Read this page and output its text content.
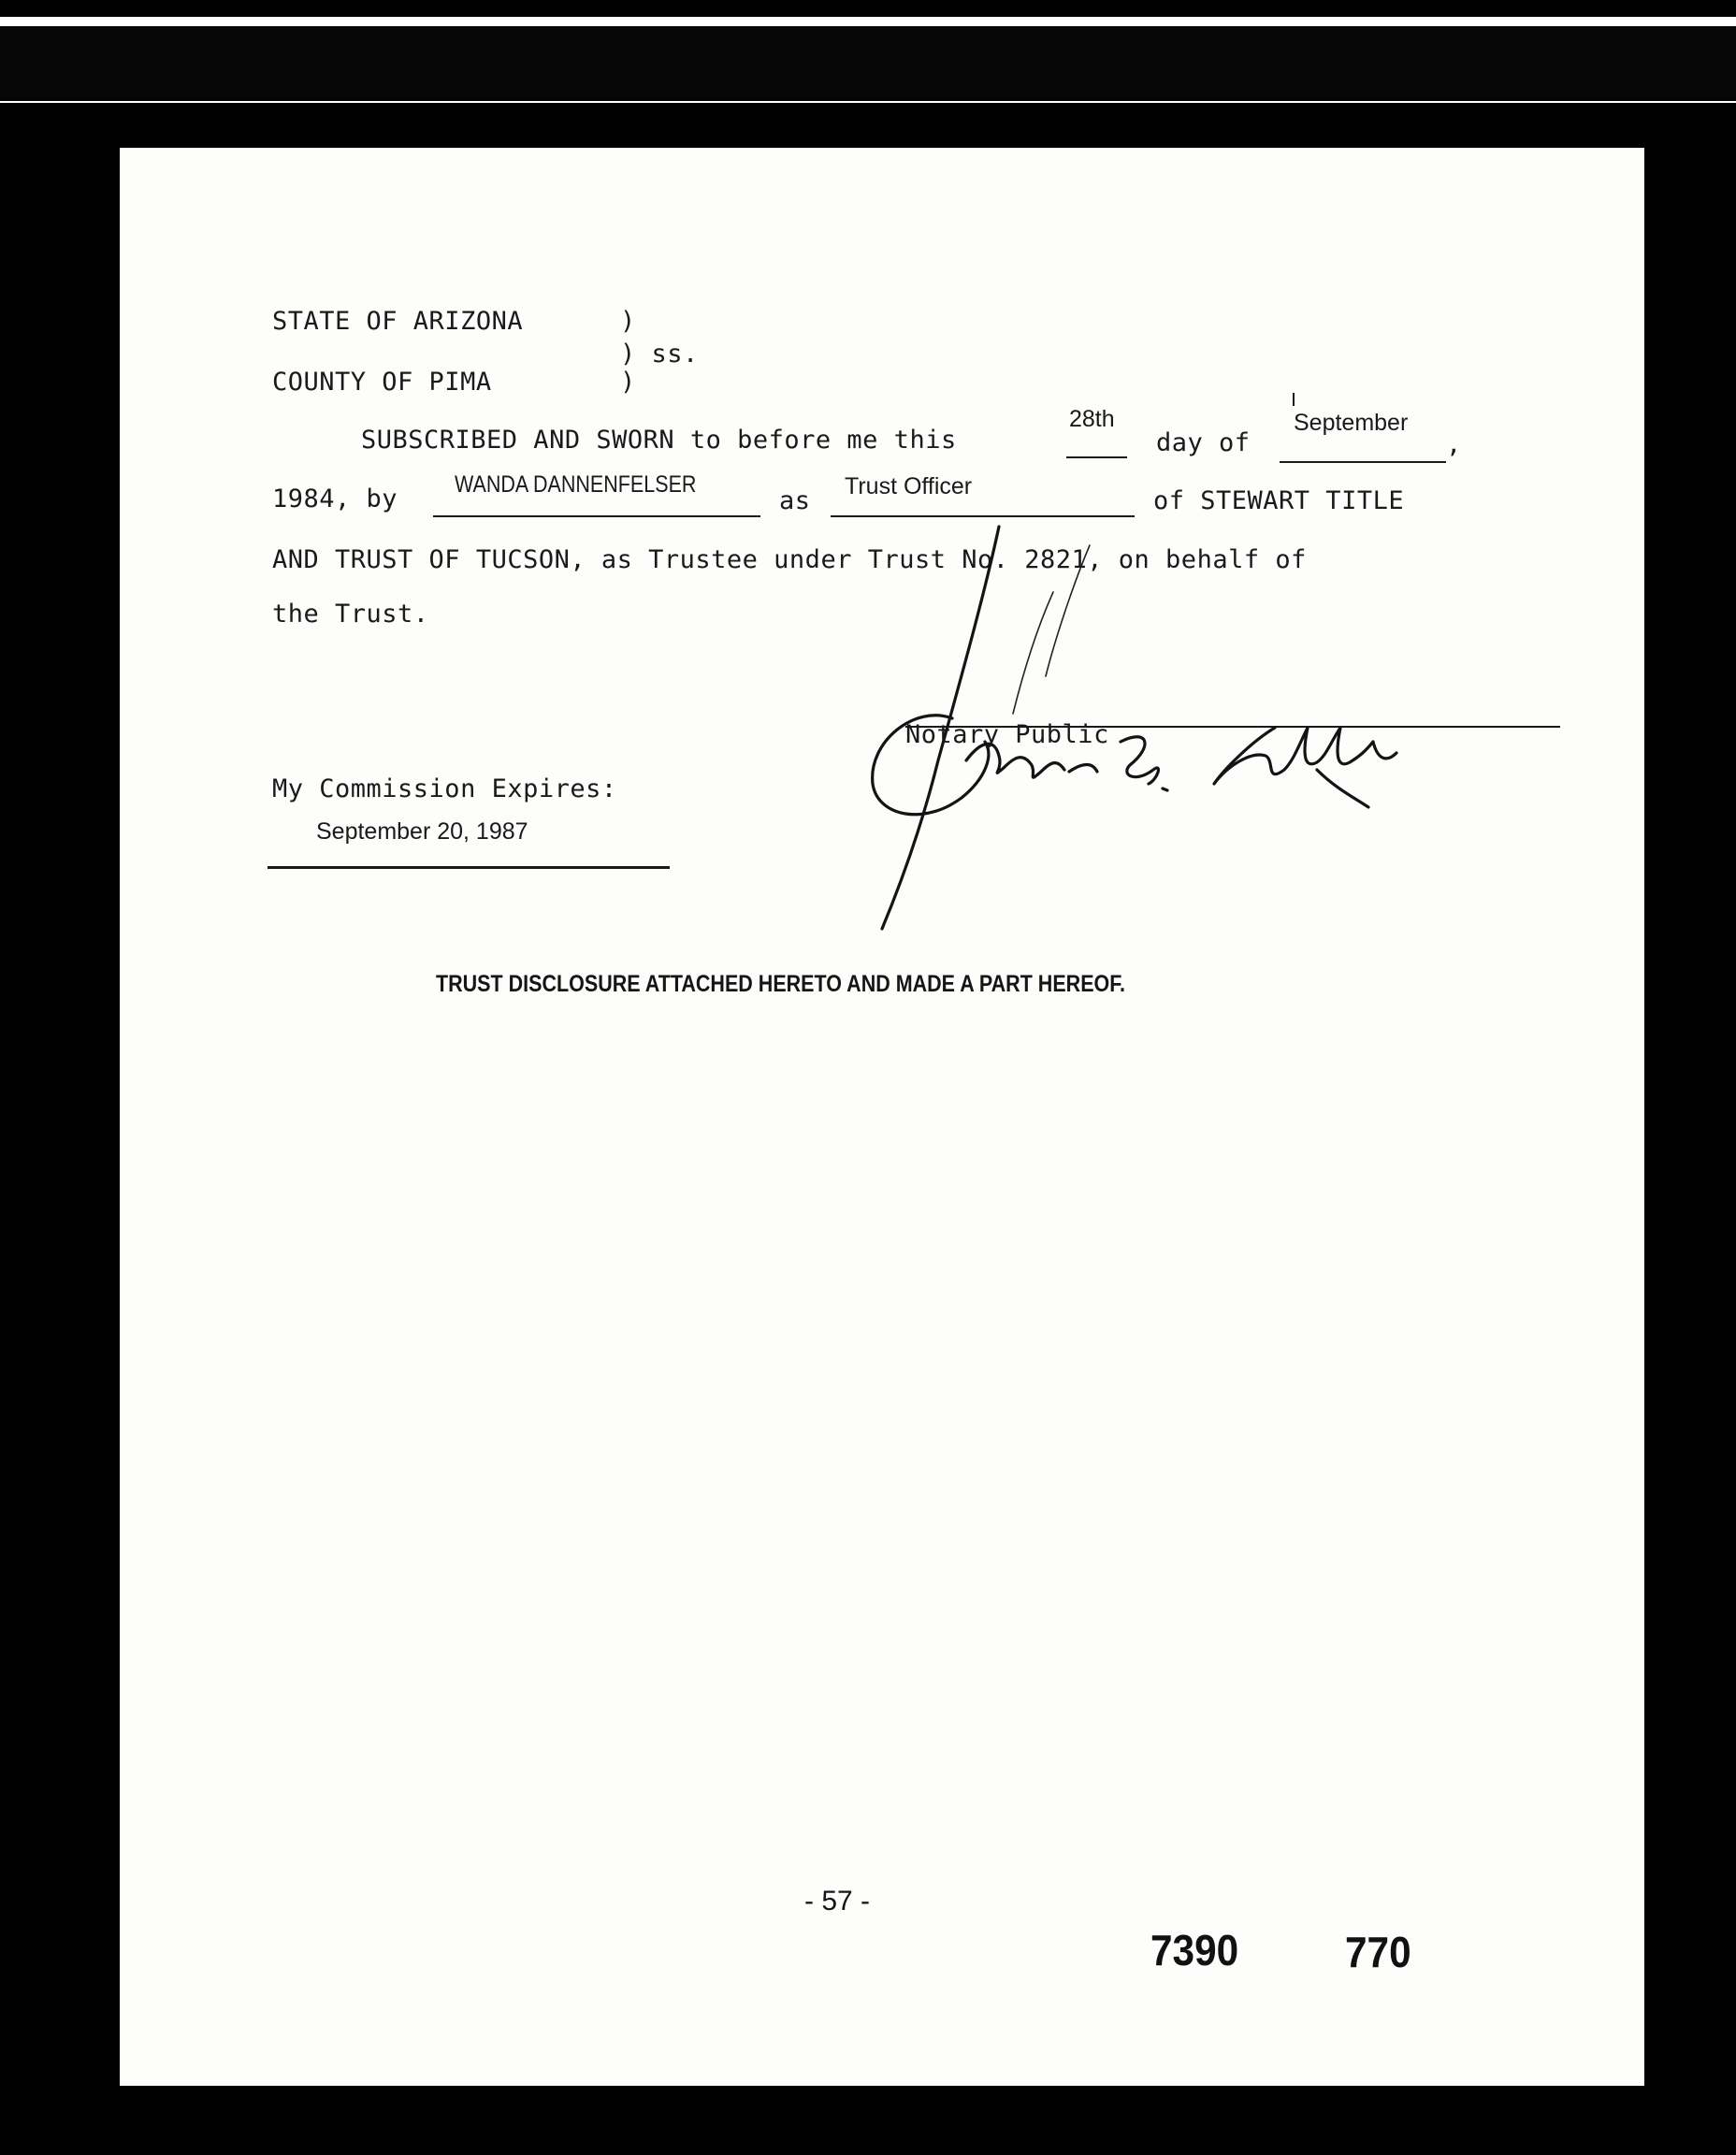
STATE OF ARIZONA	)
) ss.
COUNTY OF PIMA	)
SUBSCRIBED AND SWORN to before me this
28th
day of
September
,
1984, by WANDA DANNENFELSER
as Trust Officer	of STEWART TITLE
AND TRUST OF TUCSON, as Trustee under Trust No. 2821, on behalf of
the Trust.
Notary Public
My Commission Expires:
September 20, 1987
TRUST DISCLOSURE ATTACHED HERETO AND MADE A PART HEREOF.
- 57 -
7390 770
